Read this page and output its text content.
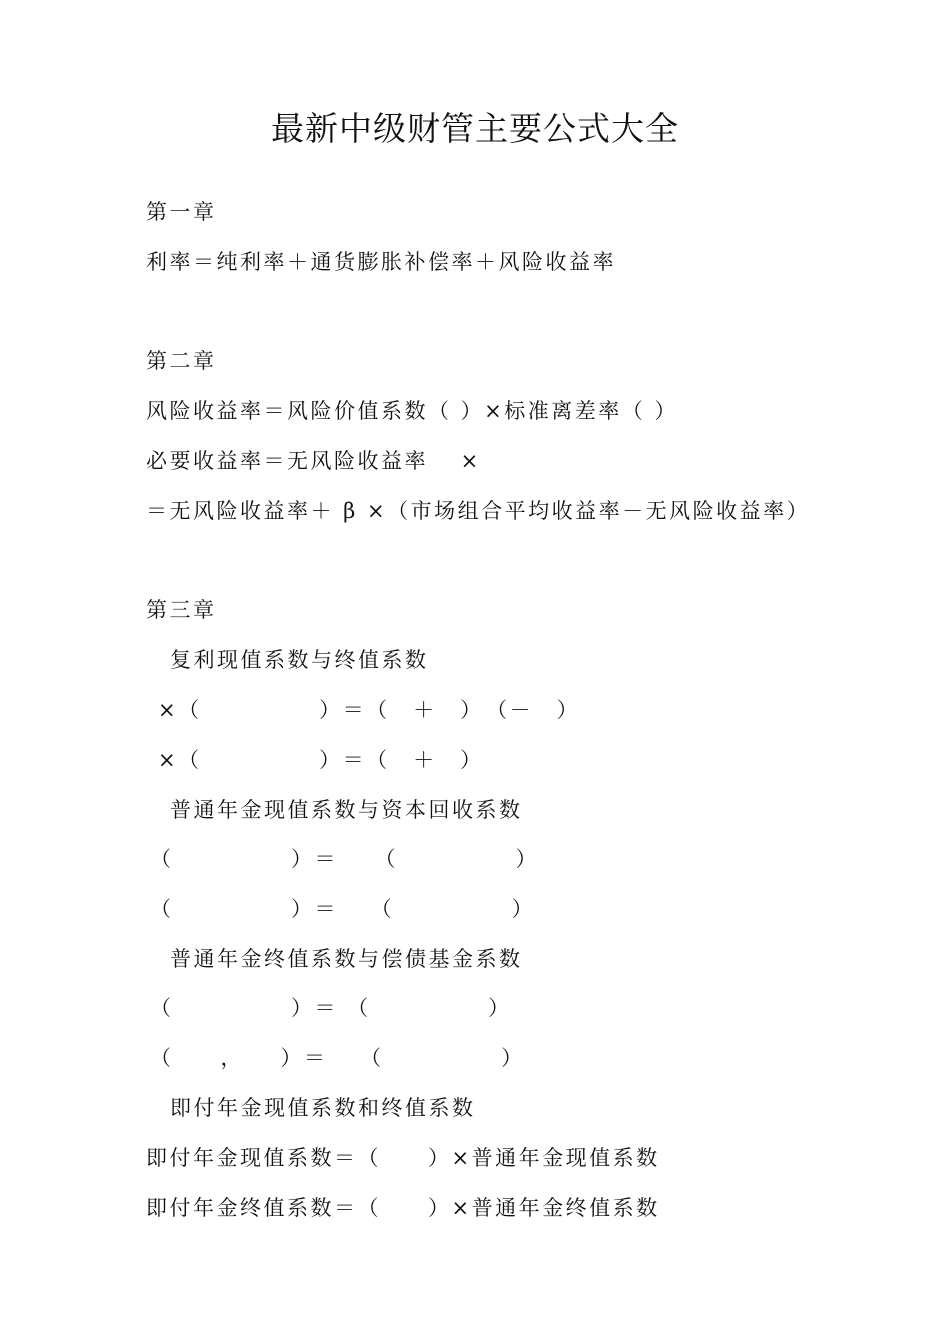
最新中级财管主要公式大全
第一章
利率＝纯利率＋通货膨胀补偿率＋风险收益率
第二章
风险收益率＝风险价值系数（ ）×标准离差率（ ）
必要收益率＝无风险收益率　 ×
＝无风险收益率＋ β ×（市场组合平均收益率－无风险收益率）
第三章
复利现值系数与终值系数
×（　　　　　）＝（　＋　）　（－　）
×（　　　　　）＝（　＋　）
普通年金现值系数与资本回收系数
（　　　　　）＝　　（　　　　　）
（　　　　　）＝　 （　　　　　）
普通年金终值系数与偿债基金系数
（　　　　　）＝ （　　　　　）
（　　，　　）＝　 （　　　　　）
即付年金现值系数和终值系数
即付年金现值系数＝（　　）×普通年金现值系数
即付年金终值系数＝（　　）×普通年金终值系数
